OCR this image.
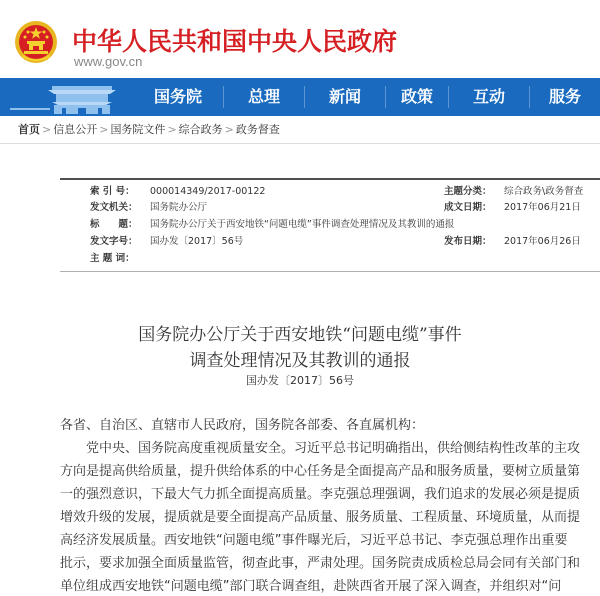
中华人民共和国中央人民政府
www.gov.cn
国务院	总理	新闻	政策	互动	服务
首页 > 信息公开 > 国务院文件 > 综合政务 > 政务督查
索 引 号： 000014349/2017-00122	主题分类： 综合政务\政务督查
发文机关： 国务院办公厅	成文日期： 2017年06月21日
标　　题： 国务院办公厅关于西安地铁“问题电缆”事件调查处理情况及其教训的通报
发文字号： 国办发〔2017〕56号	发布日期： 2017年06月26日
主 题 词：
国务院办公厅关于西安地铁“问题电缆”事件
调查处理情况及其教训的通报
国办发〔2017〕56号
各省、自治区、直辖市人民政府，国务院各部委、各直属机构：
　　党中央、国务院高度重视质量安全。习近平总书记明确指出，供给侧结构性改革的主攻
方向是提高供给质量，提升供给体系的中心任务是全面提高产品和服务质量，要树立质量第
一的强烈意识，下最大气力抓全面提高质量。李克强总理强调，我们追求的发展必须是提质
增效升级的发展，提质就是要全面提高产品质量、服务质量、工程质量、环境质量，从而提
高经济发展质量。西安地铁“问题电缆”事件曝光后，习近平总书记、李克强总理作出重要
批示，要求加强全面质量监管，彻查此事，严肃处理。国务院责成质检总局会同有关部门和
单位组成西安地铁“问题电缆”部门联合调查组，赴陕西省开展了深入调查，并组织对“问
